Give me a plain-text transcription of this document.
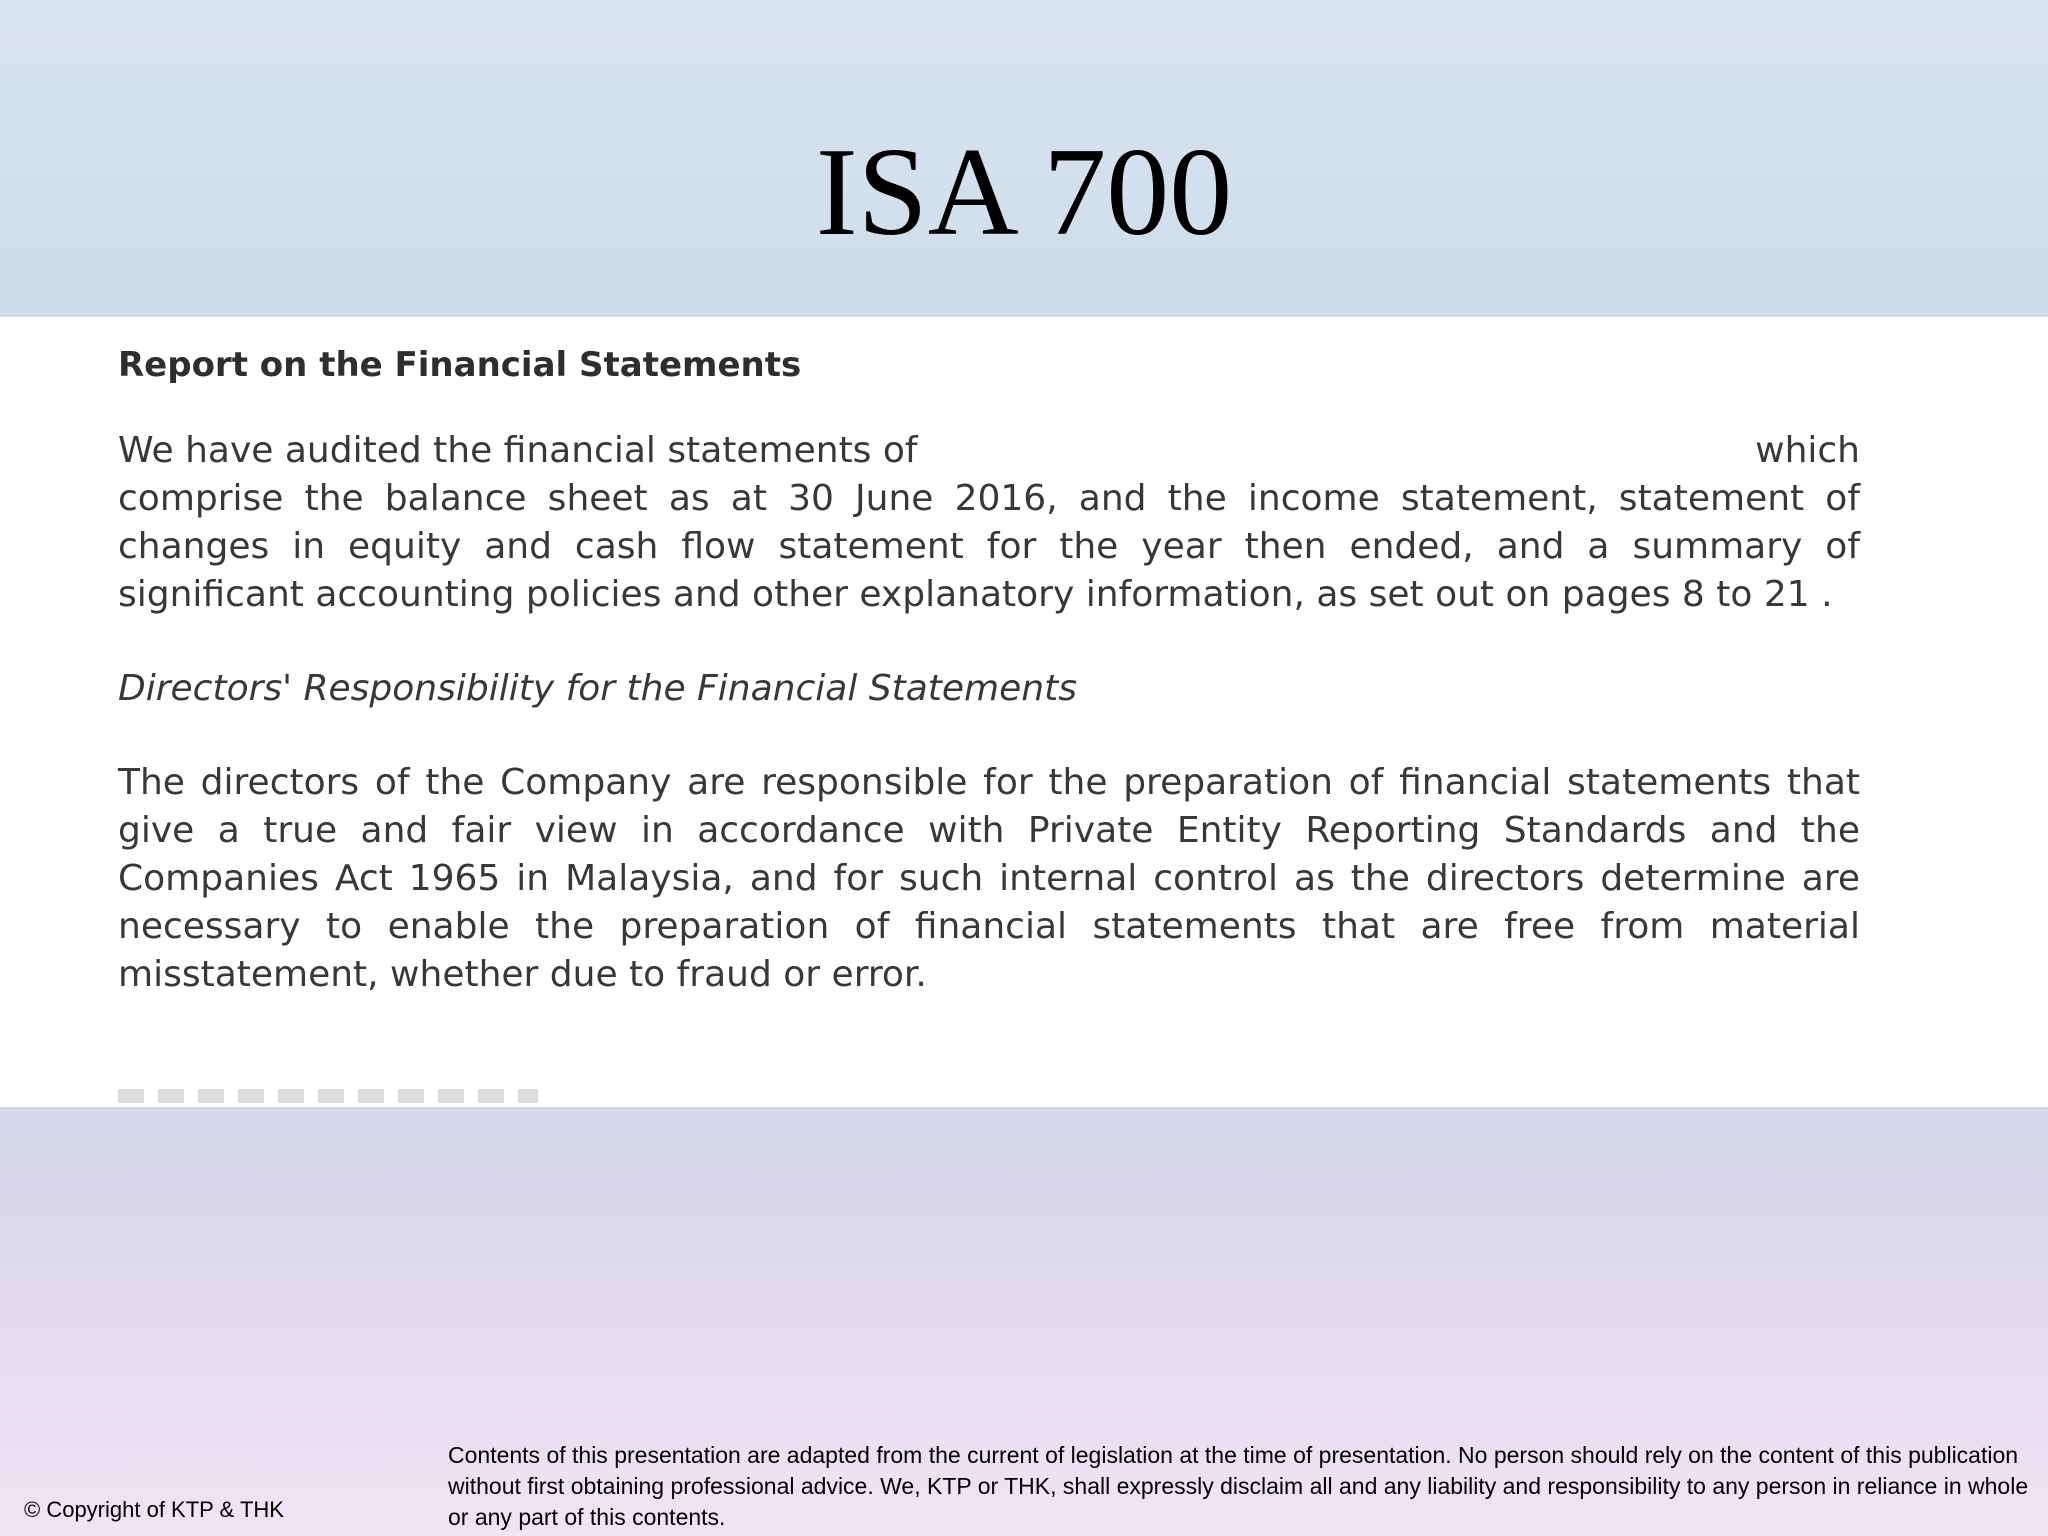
ISA 700
Report on the Financial Statements
We have audited the financial statements of	which
comprise the balance sheet as at 30 June 2016, and the income statement, statement of changes in equity and cash flow statement for the year then ended, and a summary of significant accounting policies and other explanatory information, as set out on pages 8 to 21 .
Directors' Responsibility for the Financial Statements
The directors of the Company are responsible for the preparation of financial statements that give a true and fair view in accordance with Private Entity Reporting Standards and the Companies Act 1965 in Malaysia, and for such internal control as the directors determine are necessary to enable the preparation of financial statements that are free from material misstatement, whether due to fraud or error.
© Copyright of KTP & THK
Contents of this presentation are adapted from the current of legislation at the time of presentation. No person should rely on the content of this publication without first obtaining professional advice. We, KTP or THK, shall expressly disclaim all and any liability and responsibility to any person in reliance in whole or any part of this contents.
